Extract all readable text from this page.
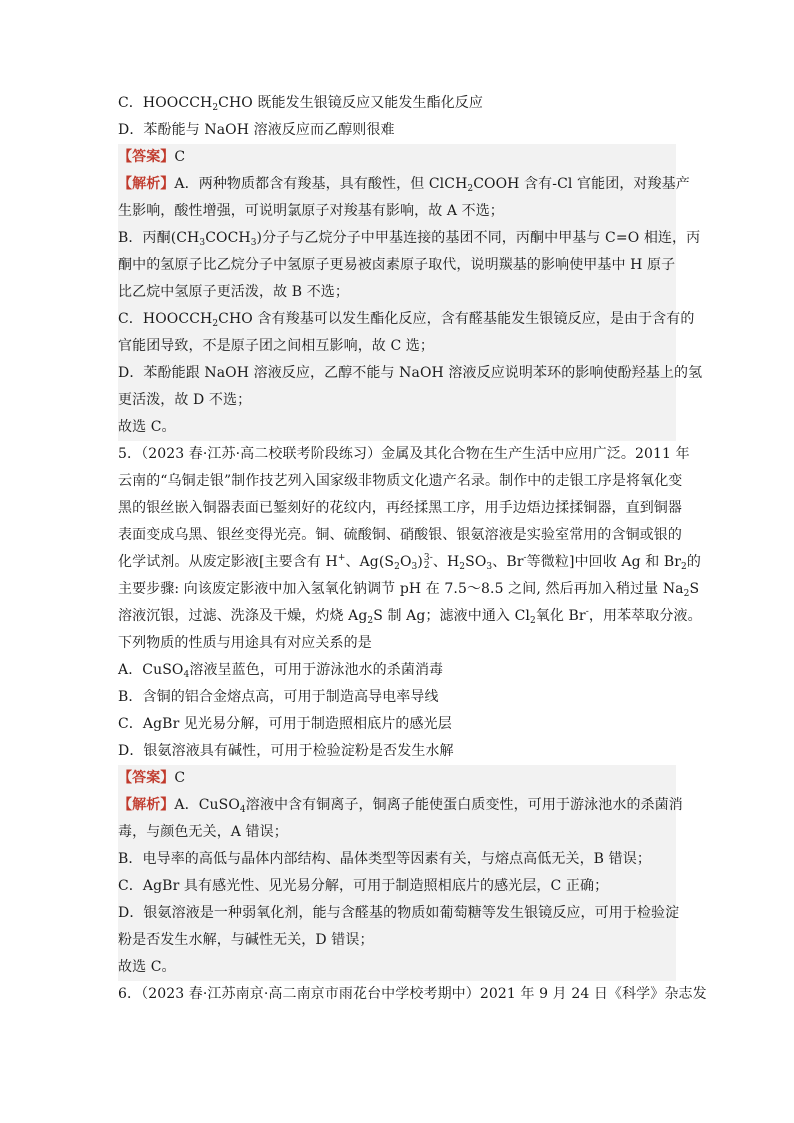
C．$HOOCCH_2CHO$ 既能发生银镜反应又能发生酯化反应
D．苯酚能与 NaOH 溶液反应而乙醇则很难
【答案】C
【解析】A．两种物质都含有羧基，具有酸性，但 ClCH$_2$COOH 含有-Cl 官能团，对羧基产
生影响，酸性增强，可说明氯原子对羧基有影响，故 A 不选；
B．丙酮$(CH_3COCH_3)$分子与乙烷分子中甲基连接的基团不同，丙酮中甲基与 C=O 相连，丙
酮中的氢原子比乙烷分子中氢原子更易被卤素原子取代，说明羰基的影响使甲基中 H 原子
比乙烷中氢原子更活泼，故 B 不选；
C．$HOOCCH_2CHO$ 含有羧基可以发生酯化反应，含有醛基能发生银镜反应，是由于含有的
官能团导致，不是原子团之间相互影响，故 C 选；
D．苯酚能跟 NaOH 溶液反应，乙醇不能与 NaOH 溶液反应说明苯环的影响使酚羟基上的氢
更活泼，故 D 不选；
故选 C。
5．（2023 春·江苏·高二校联考阶段练习）金属及其化合物在生产生活中应用广泛。2011 年
云南的“乌铜走银”制作技艺列入国家级非物质文化遗产名录。制作中的走银工序是将氧化变
黑的银丝嵌入铜器表面已錾刻好的花纹内，再经揉黑工序，用手边焐边揉揉铜器，直到铜器
表面变成乌黑、银丝变得光亮。铜、硫酸铜、硝酸银、银氨溶液是实验室常用的含铜或银的
化学试剂。从废定影液[主要含有 H+、$Ag(S_2O_3)$ 3-
2 、$H_2SO_3$、Br-等微粒]中回收 Ag 和 $Br_2$的
主要步骤: 向该废定影液中加入氢氧化钠调节 pH 在 7.5～8.5 之间, 然后再加入稍过量 $Na_2S$
溶液沉银，过滤、洗涤及干燥，灼烧 $Ag_2S$ 制 Ag；滤液中通入 $Cl_2$氧化 Br-，用苯萃取分液。
下列物质的性质与用途具有对应关系的是
A．CuSO$_4$溶液呈蓝色，可用于游泳池水的杀菌消毒
B．含铜的铝合金熔点高，可用于制造高导电率导线
C．AgBr 见光易分解，可用于制造照相底片的感光层
D．银氨溶液具有碱性，可用于检验淀粉是否发生水解
【答案】C
【解析】A．CuSO$_4$溶液中含有铜离子，铜离子能使蛋白质变性，可用于游泳池水的杀菌消
毒，与颜色无关，A 错误；
B．电导率的高低与晶体内部结构、晶体类型等因素有关，与熔点高低无关，B 错误；
C．AgBr 具有感光性、见光易分解，可用于制造照相底片的感光层，C 正确；
D．银氨溶液是一种弱氧化剂，能与含醛基的物质如葡萄糖等发生银镜反应，可用于检验淀
粉是否发生水解，与碱性无关，D 错误；
故选 C。
6．（2023 春·江苏南京·高二南京市雨花台中学校考期中）2021 年 9 月 24 日《科学》杂志发
